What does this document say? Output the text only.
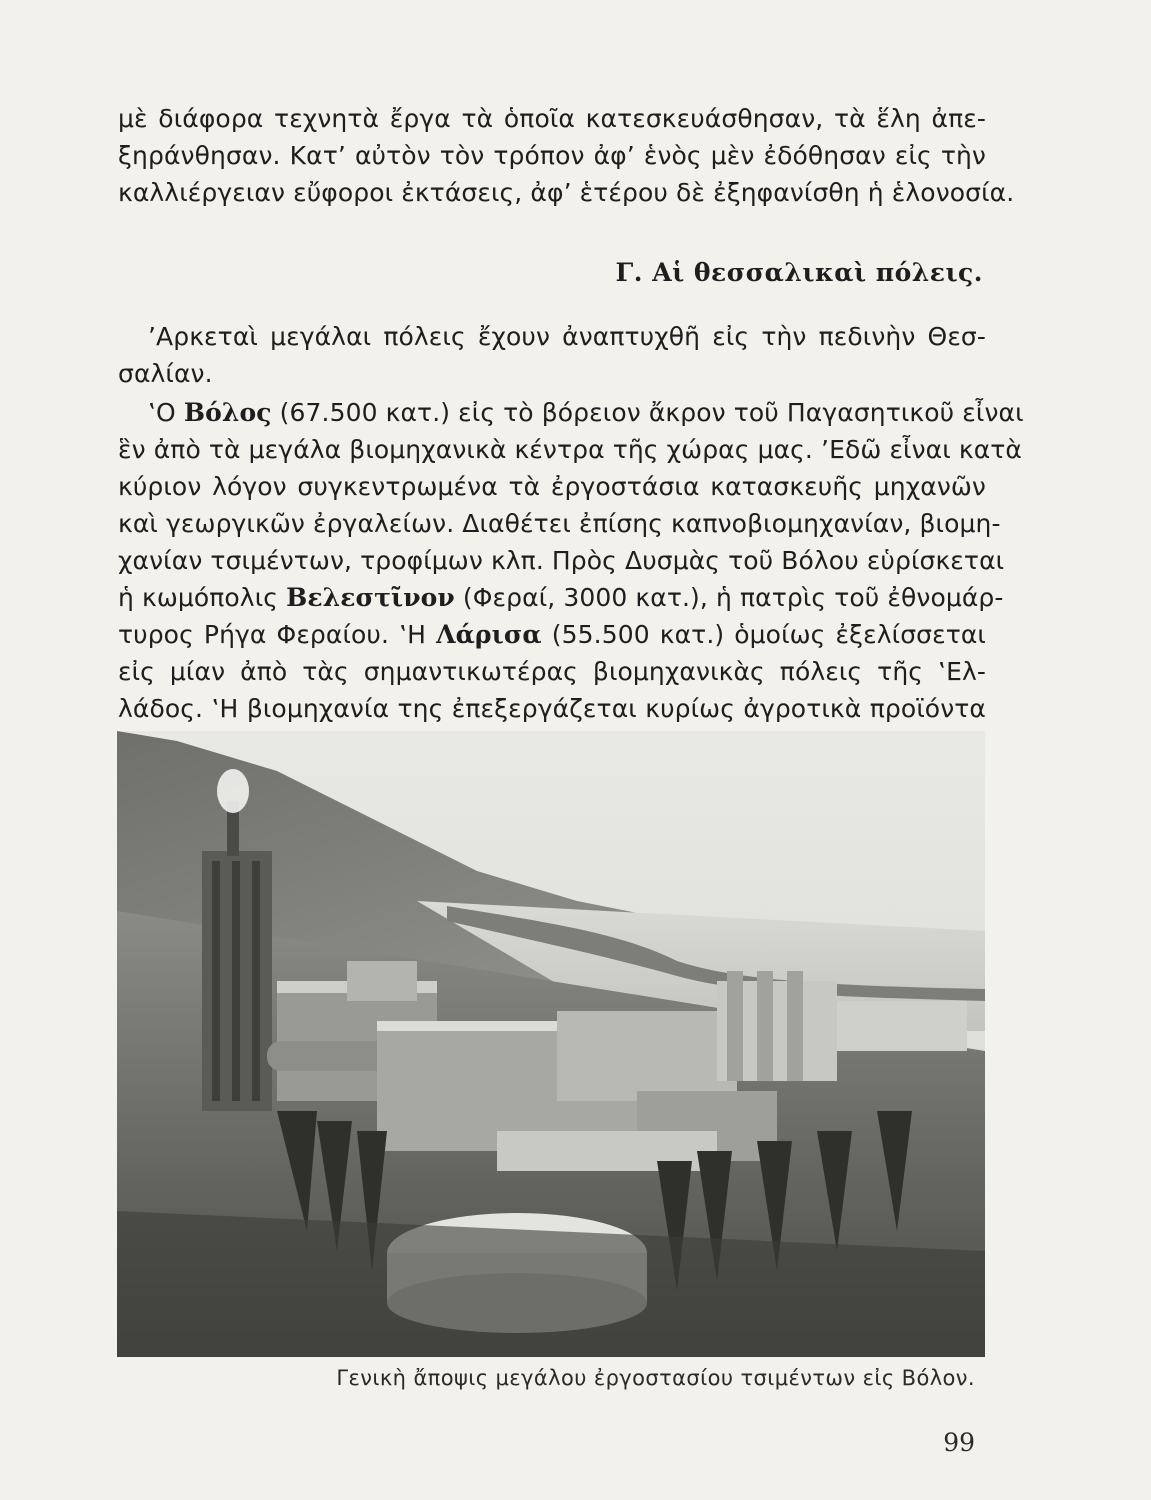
μὲ διάφορα τεχνητὰ ἔργα τὰ ὁποῖα κατεσκευάσθησαν, τὰ ἕλη ἀπε-
ξηράνθησαν. Κατ’ αὐτὸν τὸν τρόπον ἀφ’ ἑνὸς μὲν ἐδόθησαν εἰς τὴν
καλλιέργειαν εὔφοροι ἐκτάσεις, ἀφ’ ἑτέρου δὲ ἐξηφανίσθη ἡ ἑλονοσία.
Γ. Αἱ θεσσαλικαὶ πόλεις.
’Αρκεταὶ μεγάλαι πόλεις ἔχουν ἀναπτυχθῆ εἰς τὴν πεδινὴν Θεσ-
σαλίαν.
‛Ο Βόλος (67.500 κατ.) εἰς τὸ βόρειον ἄκρον τοῦ Παγασητικοῦ εἶναι
ἓν ἀπὸ τὰ μεγάλα βιομηχανικὰ κέντρα τῆς χώρας μας. ’Εδῶ εἶναι κατὰ
κύριον λόγον συγκεντρωμένα τὰ ἐργοστάσια κατασκευῆς μηχανῶν
καὶ γεωργικῶν ἐργαλείων. Διαθέτει ἐπίσης καπνοβιομηχανίαν, βιομη-
χανίαν τσιμέντων, τροφίμων κλπ. Πρὸς Δυσμὰς τοῦ Βόλου εὑρίσκεται
ἡ κωμόπολις Βελεστῖνον (Φεραί, 3000 κατ.), ἡ πατρὶς τοῦ ἐθνομάρ-
τυρος Ρήγα Φεραίου. ‛Η Λάρισα (55.500 κατ.) ὁμοίως ἐξελίσσεται
εἰς μίαν ἀπὸ τὰς σημαντικωτέρας βιομηχανικὰς πόλεις τῆς ‛Ελ-
λάδος. ‛Η βιομηχανία της ἐπεξεργάζεται κυρίως ἀγροτικὰ προϊόντα
Γενικὴ ἄποψις μεγάλου ἐργοστασίου τσιμέντων εἰς Βόλον.
99
